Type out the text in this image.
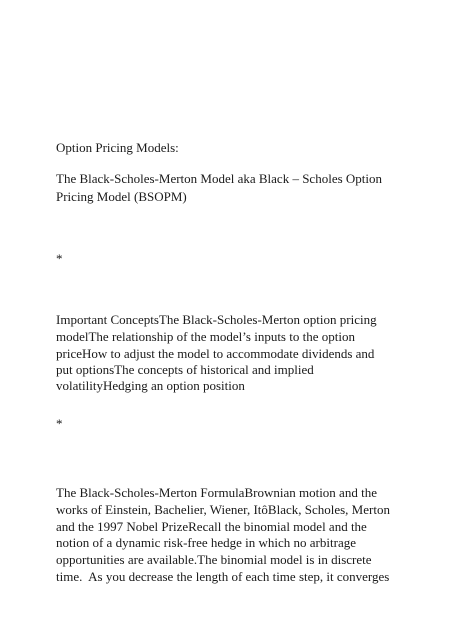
Option Pricing Models:
The Black-Scholes-Merton Model aka Black – Scholes Option
Pricing Model (BSOPM)
*
Important ConceptsThe Black-Scholes-Merton option pricing
modelThe relationship of the model’s inputs to the option
priceHow to adjust the model to accommodate dividends and
put optionsThe concepts of historical and implied
volatilityHedging an option position
*
The Black-Scholes-Merton FormulaBrownian motion and the
works of Einstein, Bachelier, Wiener, ItôBlack, Scholes, Merton
and the 1997 Nobel PrizeRecall the binomial model and the
notion of a dynamic risk-free hedge in which no arbitrage
opportunities are available.The binomial model is in discrete
time.  As you decrease the length of each time step, it converges
